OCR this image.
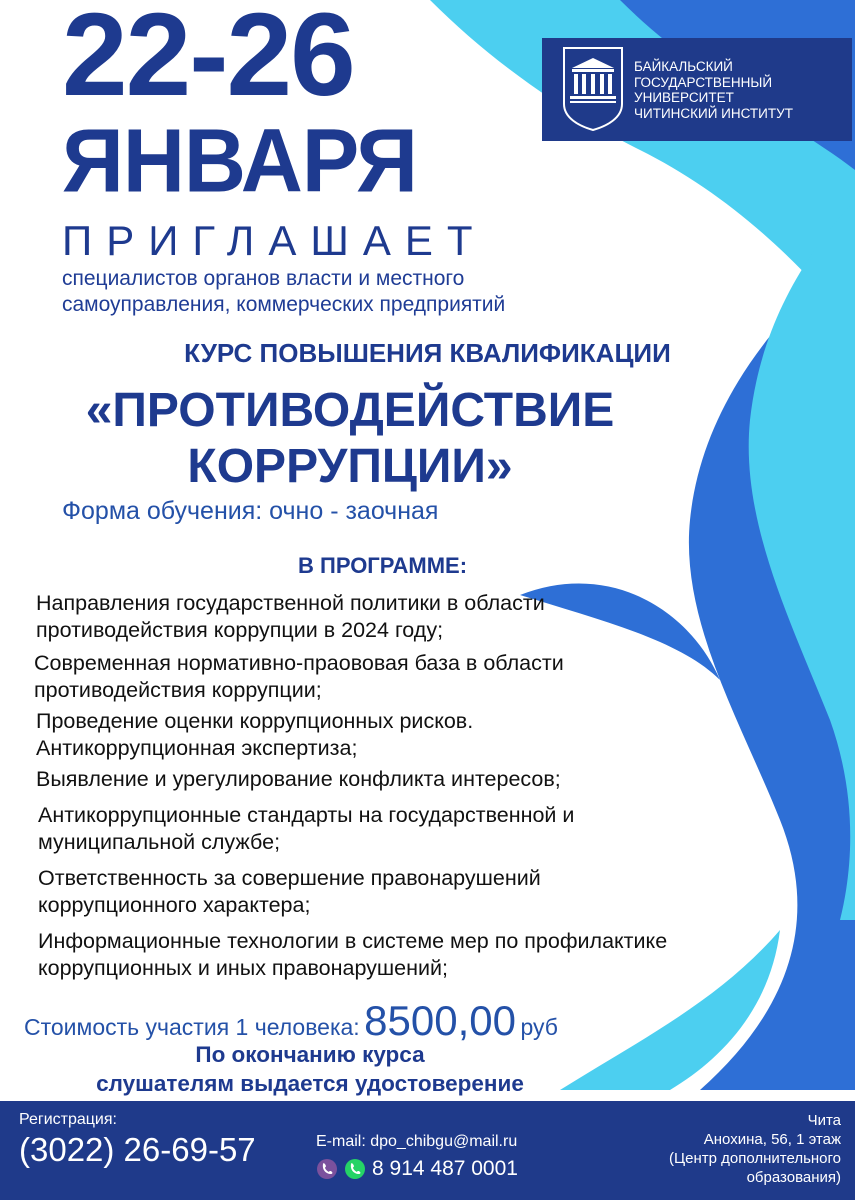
22-26
ЯНВАРЯ
БАЙКАЛЬСКИЙ
ГОСУДАРСТВЕННЫЙ
УНИВЕРСИТЕТ
ЧИТИНСКИЙ ИНСТИТУТ
ПРИГЛАШАЕТ
специалистов органов власти и местного
самоуправления, коммерческих предприятий
КУРС ПОВЫШЕНИЯ КВАЛИФИКАЦИИ
«ПРОТИВОДЕЙСТВИЕ
КОРРУПЦИИ»
Форма обучения: очно - заочная
В ПРОГРАММЕ:
Направления государственной политики в области
противодействия коррупции в 2024 году;
Современная нормативно-праововая база в области
противодействия коррупции;
Проведение оценки коррупционных рисков.
Антикоррупционная экспертиза;
Выявление и урегулирование конфликта интересов;
Антикоррупционные стандарты на государственной и
муниципальной службе;
Ответственность за совершение правонарушений
коррупционного характера;
Информационные технологии в системе мер по профилактике
коррупционных и иных правонарушений;
Стоимость участия 1 человека: 8500,00 руб
По окончанию курса
слушателям выдается удостоверение
Регистрация:
(3022) 26-69-57	E-mail: dpo_chibgu@mail.ru
8 914 487 0001
Чита
Анохина, 56, 1 этаж
(Центр дополнительного
образования)
